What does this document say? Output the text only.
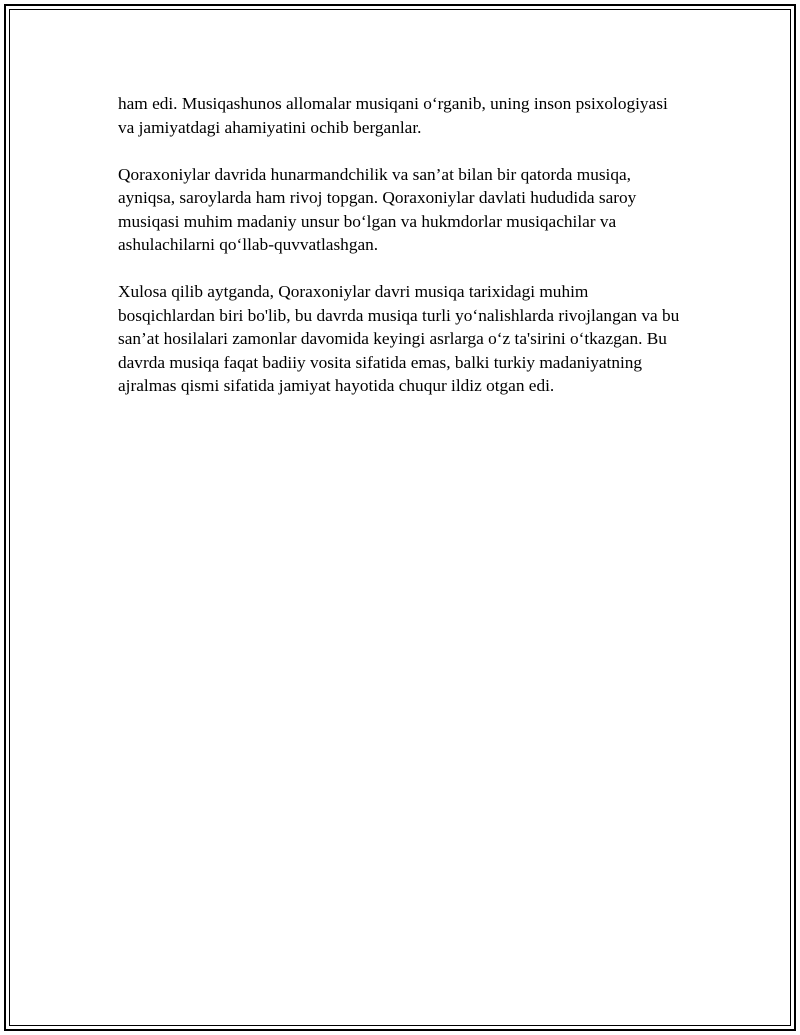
ham edi. Musiqashunos allomalar musiqani o‘rganib, uning inson psixologiyasi va jamiyatdagi ahamiyatini ochib berganlar.

Qoraxoniylar davrida hunarmandchilik va san’at bilan bir qatorda musiqa, ayniqsa, saroylarda ham rivoj topgan. Qoraxoniylar davlati hududida saroy musiqasi muhim madaniy unsur bo‘lgan va hukmdorlar musiqachilar va ashulachilarni qo‘llab-quvvatlashgan.

Xulosa qilib aytganda, Qoraxoniylar davri musiqa tarixidagi muhim bosqichlardan biri bo'lib, bu davrda musiqa turli yo‘nalishlarda rivojlangan va bu san’at hosilalari zamonlar davomida keyingi asrlarga o‘z ta'sirini o‘tkazgan. Bu davrda musiqa faqat badiiy vosita sifatida emas, balki turkiy madaniyatning ajralmas qismi sifatida jamiyat hayotida chuqur ildiz otgan edi.
